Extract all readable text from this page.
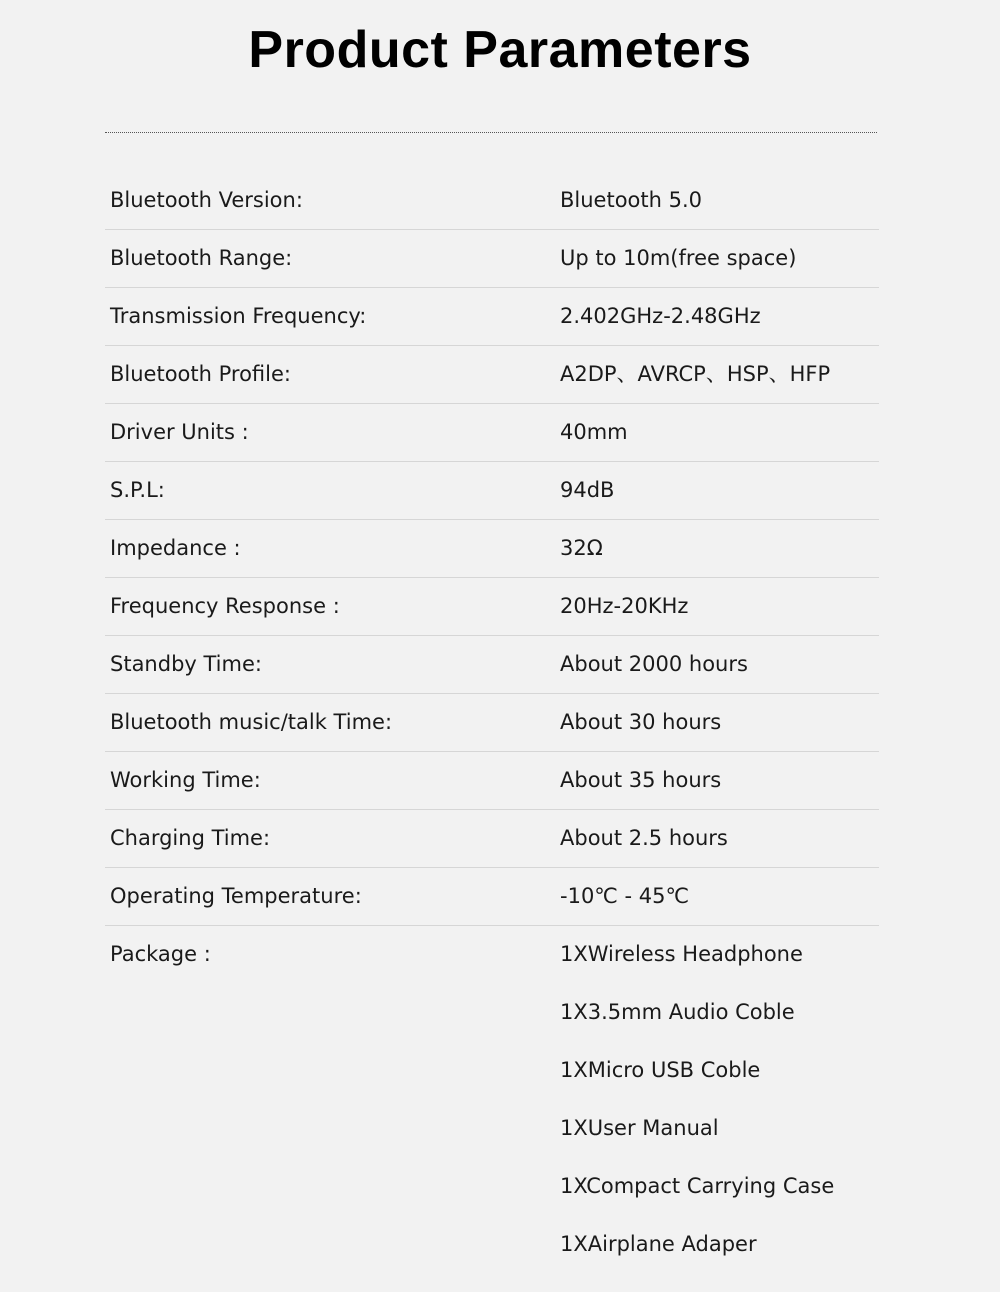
Product Parameters
Bluetooth Version:	Bluetooth 5.0
Bluetooth Range:	Up to 10m(free space)
Transmission Frequency:	2.402GHz-2.48GHz
Bluetooth Profile:	A2DP、AVRCP、HSP、HFP
Driver Units :	40mm
S.P.L:	94dB
Impedance :	32Ω
Frequency Response :	20Hz-20KHz
Standby Time:	About 2000 hours
Bluetooth music/talk Time:	About 30 hours
Working Time:	About 35 hours
Charging Time:	About 2.5 hours
Operating Temperature:	-10℃ - 45℃
Package :	1XWireless Headphone
1X3.5mm Audio Coble
1XMicro USB Coble
1XUser Manual
1XCompact Carrying Case
1XAirplane Adaper
